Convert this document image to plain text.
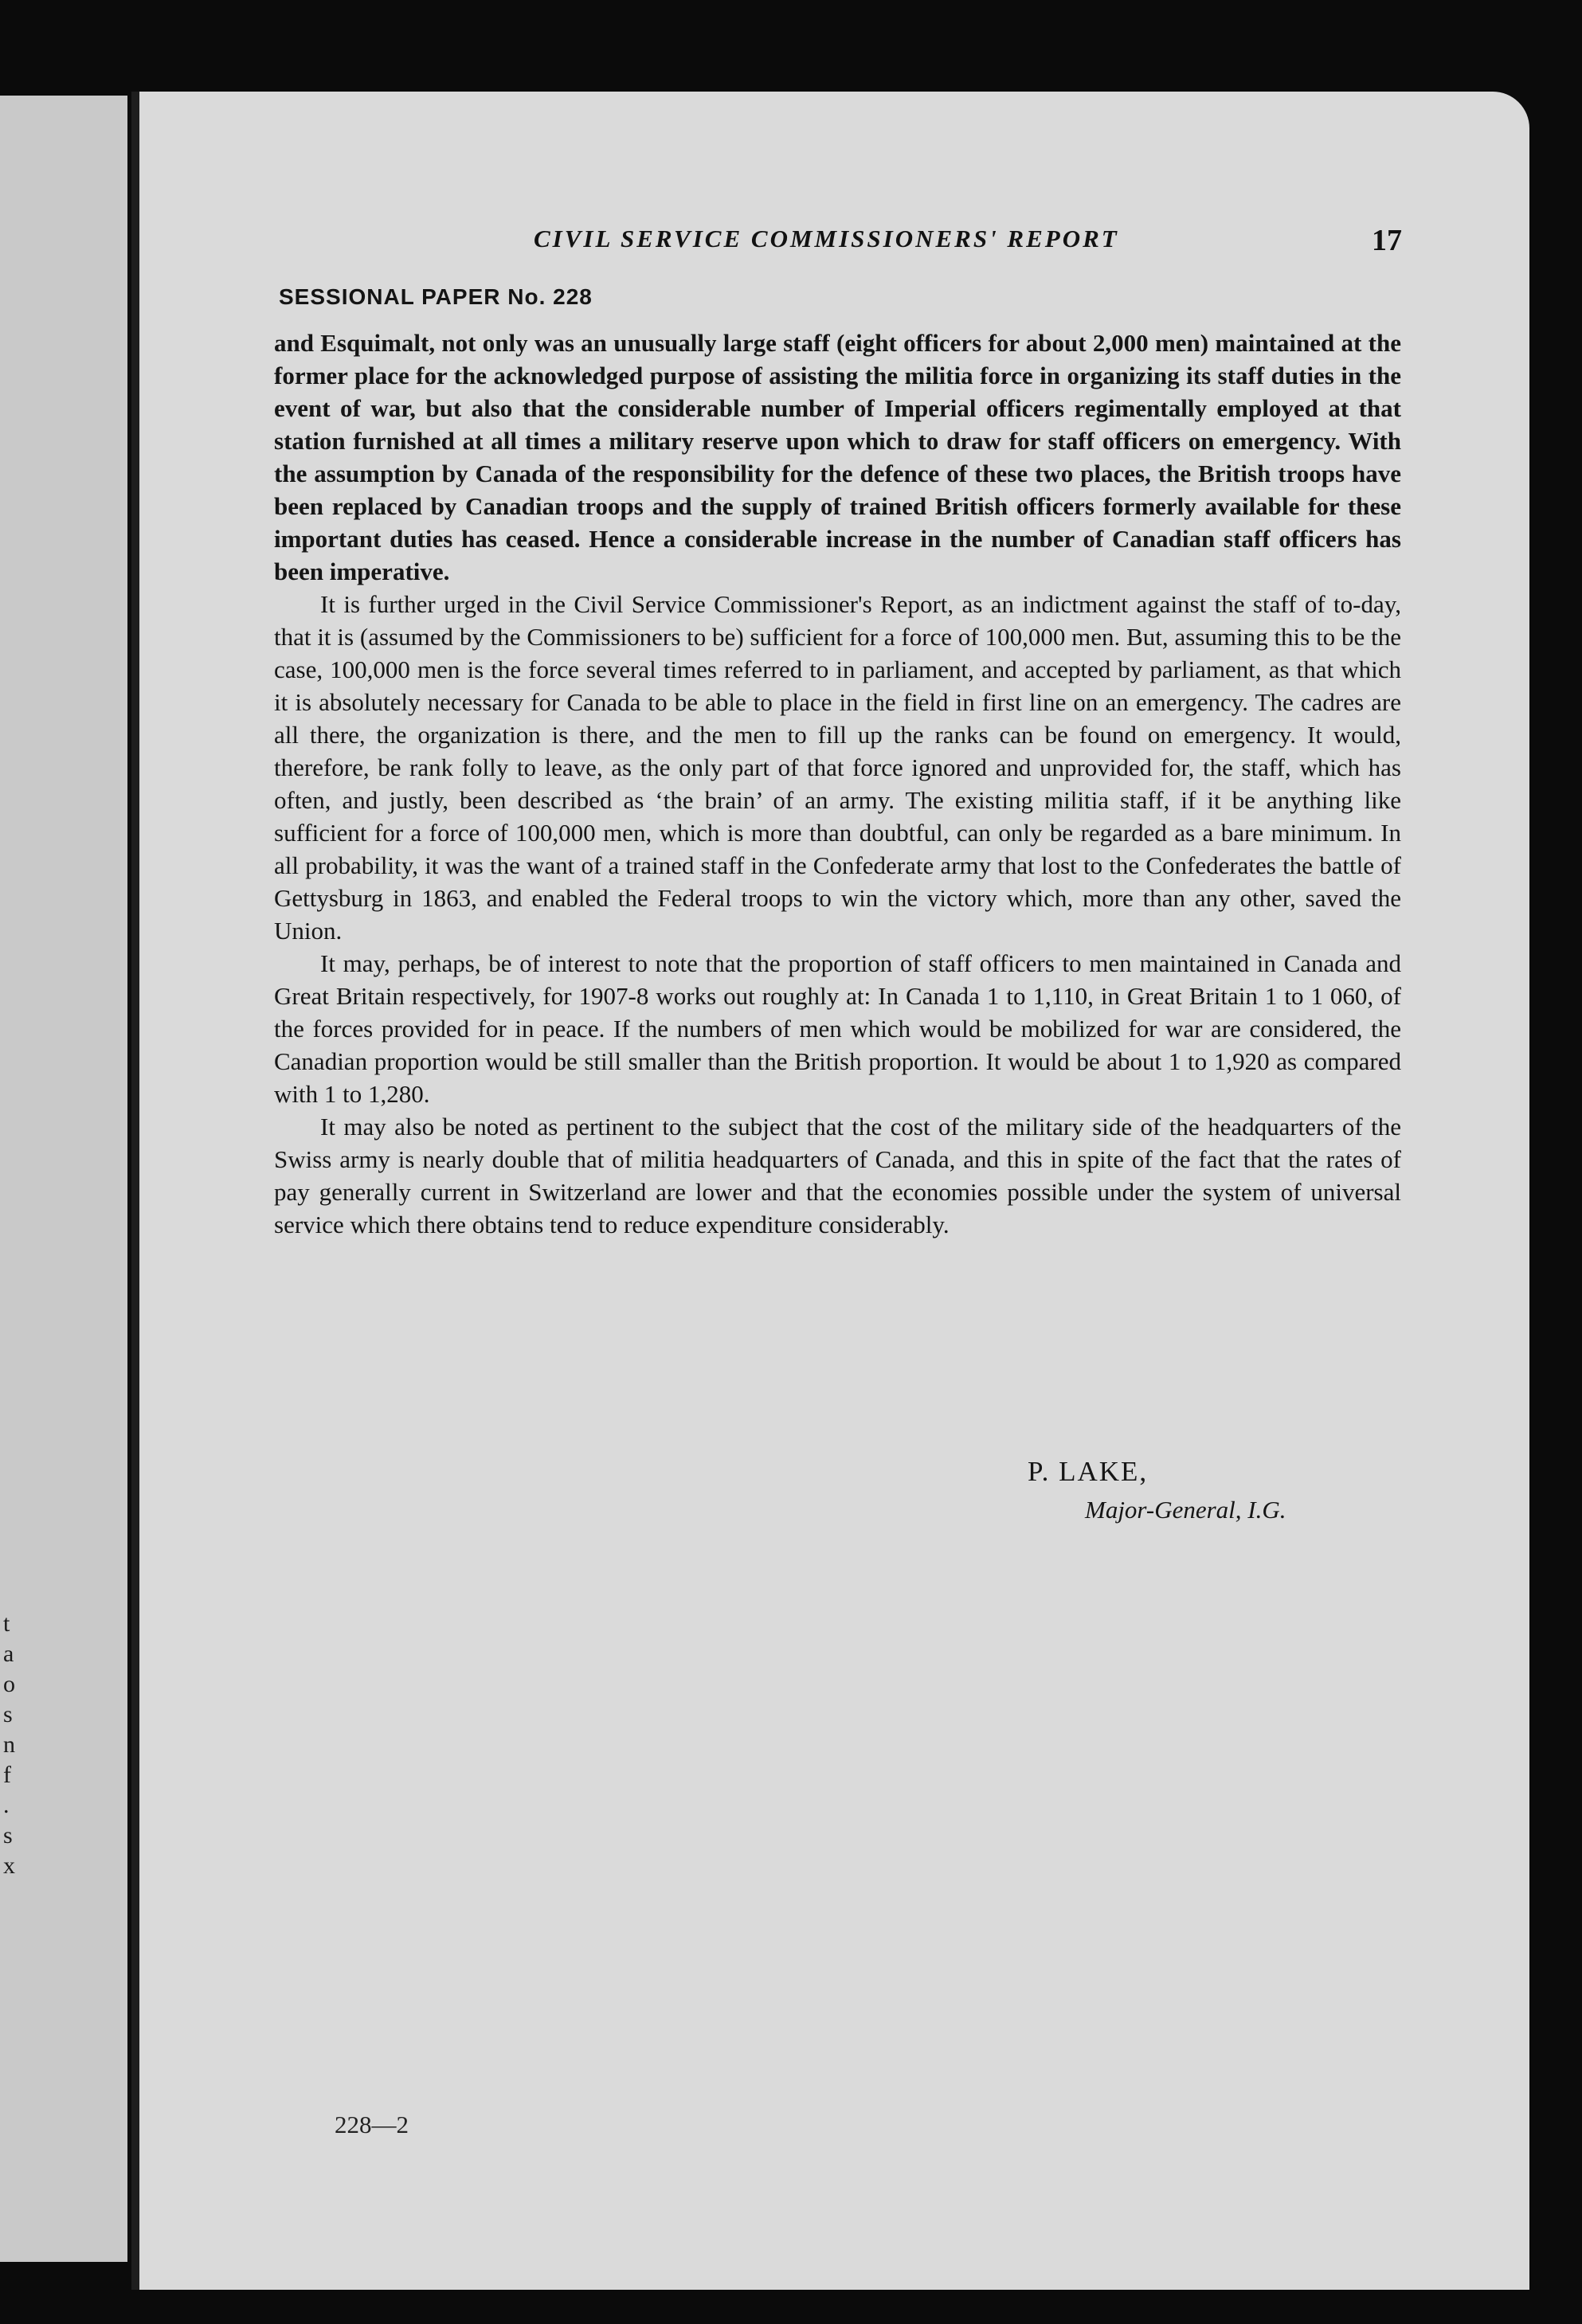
t
a
o
s
n
f
.
s
x
CIVIL SERVICE COMMISSIONERS' REPORT	17
SESSIONAL PAPER No. 228

and Esquimalt, not only was an unusually large staff (eight officers for about 2,000 men) maintained at the former place for the acknowledged purpose of assisting the militia force in organizing its staff duties in the event of war, but also that the considerable number of Imperial officers regimentally employed at that station furnished at all times a military reserve upon which to draw for staff officers on emergency. With the assumption by Canada of the responsibility for the defence of these two places, the British troops have been replaced by Canadian troops and the supply of trained British officers formerly available for these important duties has ceased. Hence a considerable increase in the number of Canadian staff officers has been imperative.

It is further urged in the Civil Service Commissioner's Report, as an indictment against the staff of to-day, that it is (assumed by the Commissioners to be) sufficient for a force of 100,000 men. But, assuming this to be the case, 100,000 men is the force several times referred to in parliament, and accepted by parliament, as that which it is absolutely necessary for Canada to be able to place in the field in first line on an emergency. The cadres are all there, the organization is there, and the men to fill up the ranks can be found on emergency. It would, therefore, be rank folly to leave, as the only part of that force ignored and unprovided for, the staff, which has often, and justly, been described as ‘the brain’ of an army. The existing militia staff, if it be anything like sufficient for a force of 100,000 men, which is more than doubtful, can only be regarded as a bare minimum. In all probability, it was the want of a trained staff in the Confederate army that lost to the Confederates the battle of Gettysburg in 1863, and enabled the Federal troops to win the victory which, more than any other, saved the Union.

It may, perhaps, be of interest to note that the proportion of staff officers to men maintained in Canada and Great Britain respectively, for 1907-8 works out roughly at: In Canada 1 to 1,110, in Great Britain 1 to 1 060, of the forces provided for in peace. If the numbers of men which would be mobilized for war are considered, the Canadian proportion would be still smaller than the British proportion. It would be about 1 to 1,920 as compared with 1 to 1,280.

It may also be noted as pertinent to the subject that the cost of the military side of the headquarters of the Swiss army is nearly double that of militia headquarters of Canada, and this in spite of the fact that the rates of pay generally current in Switzerland are lower and that the economies possible under the system of universal service which there obtains tend to reduce expenditure considerably.

P. LAKE,
Major-General, I.G.
228—2
